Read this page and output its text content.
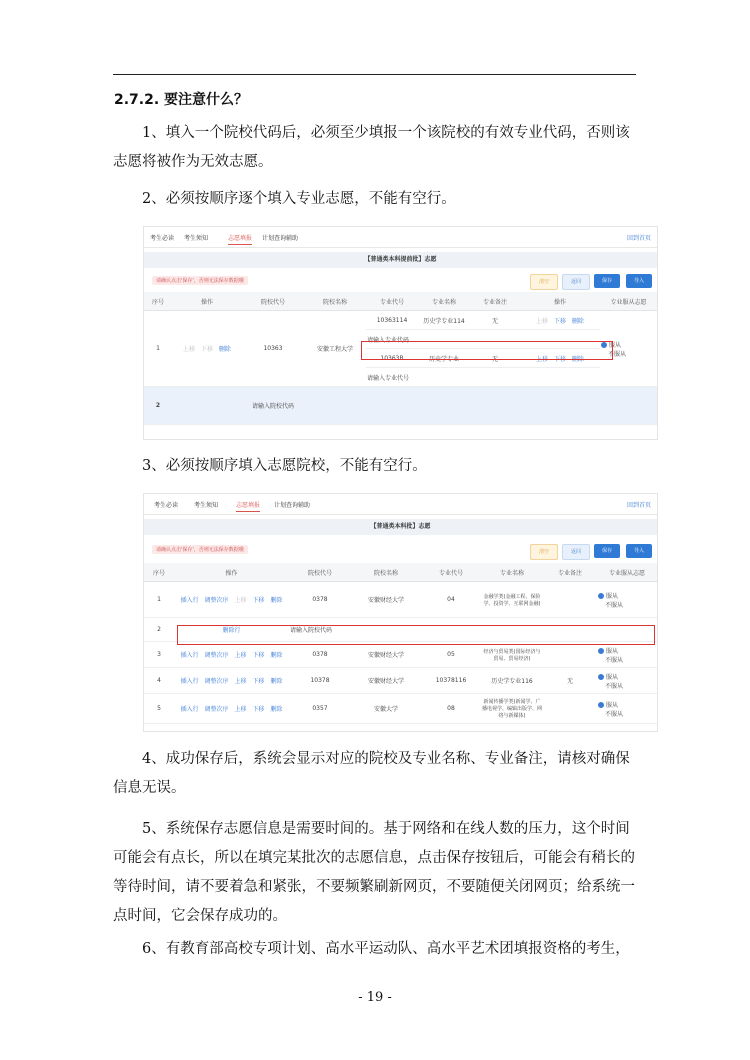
2.7.2. 要注意什么？
1、填入一个院校代码后，必须至少填报一个该院校的有效专业代码，否则该志愿将被作为无效志愿。
2、必须按顺序逐个填入专业志愿，不能有空行。
考生必读 考生须知	志愿填报 计划查询辅助	回到首页
【普通类本科提前批】志愿
请确认点击'保存'，否则无法保存数据哦	清空	返回	保存	导入
序号	操作	院校代号	院校名称	专业代号	专业名称	专业备注	操作	专业服从志愿
1	上移 下移 删除	10363	安徽工程大学	10363114	历史学专业114	无	上移 下移 删除	服从
不服从

				请输入专业代码				
				10363B	历史学专业	无	上移 下移 删除	
				请输入专业代号				
2		请输入院校代码						
3、必须按顺序填入志愿院校，不能有空行。
考生必读	考生须知	志愿填报 计划查询辅助	回到首页
【普通类本科批】志愿
请确认点击'保存'，否则无法保存数据哦	清空	返回	保存	导入
序号	操作	院校代号	院校名称	专业代号	专业名称	专业备注	专业服从志愿
1	插入行 调整次序 上移 下移 删除	0378	安徽财经大学	04	金融学类(金融工程、保险学、投资学、互联网金融)		服从
不服从

2	删除行	请输入院校代码					
3	插入行 调整次序 上移 下移 删除	0378	安徽财经大学	05	经济与贸易类(国际经济与贸易、贸易经济)		服从
不服从

4	插入行 调整次序 上移 下移 删除	10378	安徽财经大学	10378116	历史学专业116	无	服从
不服从

5	插入行 调整次序 上移 下移 删除	0357	安徽大学	08	新闻传播学类(新闻学、广播电视学、编辑出版学、网络与新媒体)		服从
不服从
4、成功保存后，系统会显示对应的院校及专业名称、专业备注，请核对确保信息无误。
5、系统保存志愿信息是需要时间的。基于网络和在线人数的压力，这个时间可能会有点长，所以在填完某批次的志愿信息，点击保存按钮后，可能会有稍长的等待时间，请不要着急和紧张，不要频繁刷新网页，不要随便关闭网页；给系统一点时间，它会保存成功的。
6、有教育部高校专项计划、高水平运动队、高水平艺术团填报资格的考生，
- 19 -
